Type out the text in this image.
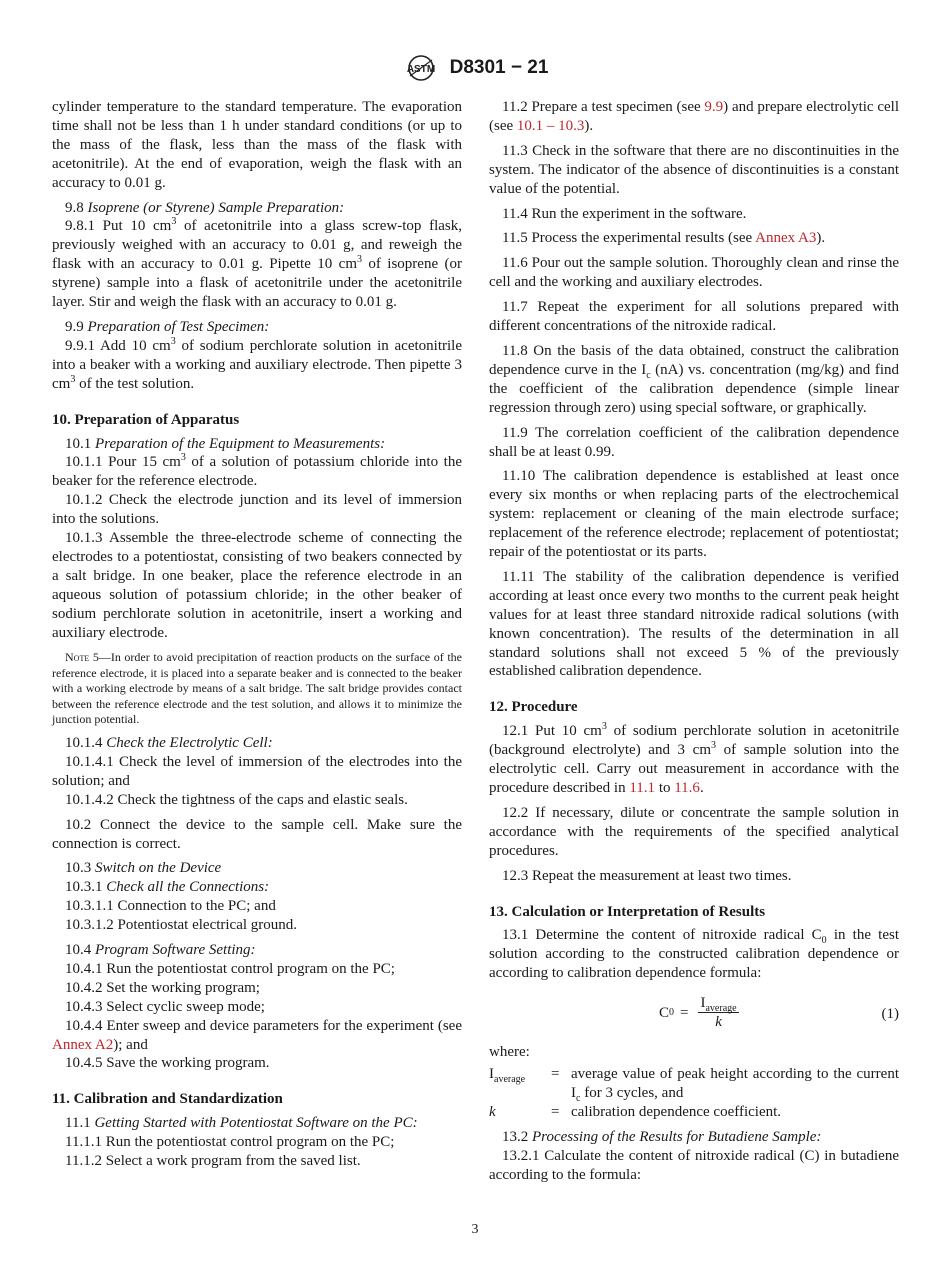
ASTM D8301 − 21
cylinder temperature to the standard temperature. The evaporation time shall not be less than 1 h under standard conditions (or up to the mass of the flask, less than the mass of the flask with acetonitrile). At the end of evaporation, weigh the flask with an accuracy to 0.01 g.
9.8 Isoprene (or Styrene) Sample Preparation:
9.8.1 Put 10 $cm^3$ of acetonitrile into a glass screw-top flask, previously weighed with an accuracy to 0.01 g, and reweigh the flask with an accuracy to 0.01 g. Pipette 10 $cm^3$ of isoprene (or styrene) sample into a flask of acetonitrile under the acetonitrile layer. Stir and weigh the flask with an accuracy to 0.01 g.
9.9 Preparation of Test Specimen:
9.9.1 Add 10 $cm^3$ of sodium perchlorate solution in acetonitrile into a beaker with a working and auxiliary electrode. Then pipette 3 $cm^3$ of the test solution.
10. Preparation of Apparatus
10.1 Preparation of the Equipment to Measurements:
10.1.1 Pour 15 $cm^3$ of a solution of potassium chloride into the beaker for the reference electrode.
10.1.2 Check the electrode junction and its level of immersion into the solutions.
10.1.3 Assemble the three-electrode scheme of connecting the electrodes to a potentiostat, consisting of two beakers connected by a salt bridge. In one beaker, place the reference electrode in an aqueous solution of potassium chloride; in the other beaker of sodium perchlorate solution in acetonitrile, insert a working and auxiliary electrode.
Note 5—In order to avoid precipitation of reaction products on the surface of the reference electrode, it is placed into a separate beaker and is connected to the beaker with a working electrode by means of a salt bridge. The salt bridge provides contact between the reference electrode and the test solution, and allows it to minimize the junction potential.
10.1.4 Check the Electrolytic Cell:
10.1.4.1 Check the level of immersion of the electrodes into the solution; and
10.1.4.2 Check the tightness of the caps and elastic seals.
10.2 Connect the device to the sample cell. Make sure the connection is correct.
10.3 Switch on the Device
10.3.1 Check all the Connections:
10.3.1.1 Connection to the PC; and
10.3.1.2 Potentiostat electrical ground.
10.4 Program Software Setting:
10.4.1 Run the potentiostat control program on the PC;
10.4.2 Set the working program;
10.4.3 Select cyclic sweep mode;
10.4.4 Enter sweep and device parameters for the experiment (see Annex A2); and
10.4.5 Save the working program.
11. Calibration and Standardization
11.1 Getting Started with Potentiostat Software on the PC:
11.1.1 Run the potentiostat control program on the PC;
11.1.2 Select a work program from the saved list.
11.2 Prepare a test specimen (see 9.9) and prepare electrolytic cell (see 10.1 – 10.3).
11.3 Check in the software that there are no discontinuities in the system. The indicator of the absence of discontinuities is a constant value of the potential.
11.4 Run the experiment in the software.
11.5 Process the experimental results (see Annex A3).
11.6 Pour out the sample solution. Thoroughly clean and rinse the cell and the working and auxiliary electrodes.
11.7 Repeat the experiment for all solutions prepared with different concentrations of the nitroxide radical.
11.8 On the basis of the data obtained, construct the calibration dependence curve in the $I_c$ (nA) vs. concentration (mg/kg) and find the coefficient of the calibration dependence (simple linear regression through zero) using special software, or graphically.
11.9 The correlation coefficient of the calibration dependence shall be at least 0.99.
11.10 The calibration dependence is established at least once every six months or when replacing parts of the electrochemical system: replacement or cleaning of the main electrode surface; replacement of the reference electrode; replacement of potentiostat; repair of the potentiostat or its parts.
11.11 The stability of the calibration dependence is verified according at least once every two months to the current peak height values for at least three standard nitroxide radical solutions (with known concentration). The results of the determination in all standard solutions shall not exceed 5 % of the previously established calibration dependence.
12. Procedure
12.1 Put 10 $cm^3$ of sodium perchlorate solution in acetonitrile (background electrolyte) and 3 $cm^3$ of sample solution into the electrolytic cell. Carry out measurement in accordance with the procedure described in 11.1 to 11.6.
12.2 If necessary, dilute or concentrate the sample solution in accordance with the requirements of the specified analytical procedures.
12.3 Repeat the measurement at least two times.
13. Calculation or Interpretation of Results
13.1 Determine the content of nitroxide radical $C_0$ in the test solution according to the constructed calibration dependence or according to calibration dependence formula:
C $0 = \frac{I_{average}}{k}$	(1)
where:
$I_{average}$	=	average value of peak height according to the current $I_c$ for 3 cycles, and
k	=	calibration dependence coefficient.
13.2 Processing of the Results for Butadiene Sample:
13.2.1 Calculate the content of nitroxide radical (C) in butadiene according to the formula:
3
